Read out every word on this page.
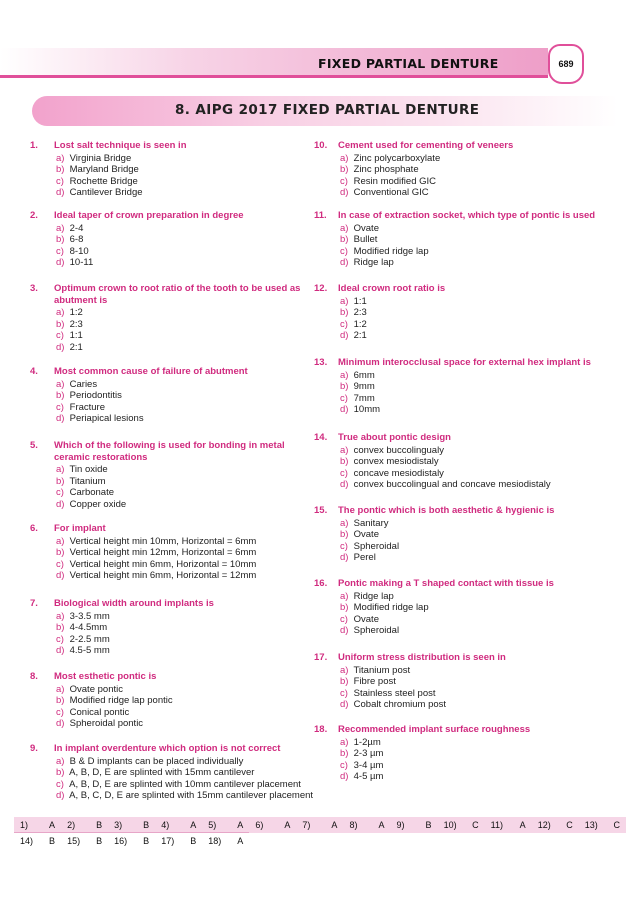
FIXED PARTIAL DENTURE	689
8. AIPG 2017 FIXED PARTIAL DENTURE
1. Lost salt technique is seen in
a) Virginia Bridge
b) Maryland Bridge
c) Rochette Bridge
d) Cantilever Bridge
2. Ideal taper of crown preparation in degree
a) 2-4
b) 6-8
c) 8-10
d) 10-11
3. Optimum crown to root ratio of the tooth to be used as
abutment is
a) 1:2
b) 2:3
c) 1:1
d) 2:1
4. Most common cause of failure of abutment
a) Caries
b) Periodontitis
c) Fracture
d) Periapical lesions
5. Which of the following is used for bonding in metal
ceramic restorations
a) Tin oxide
b) Titanium
c) Carbonate
d) Copper oxide
6. For implant
a) Vertical height min 10mm, Horizontal = 6mm
b) Vertical height min 12mm, Horizontal = 6mm
c) Vertical height min 6mm, Horizontal = 10mm
d) Vertical height min 6mm, Horizontal = 12mm
7. Biological width around implants is
a) 3-3.5 mm
b) 4-4.5mm
c) 2-2.5 mm
d) 4.5-5 mm
8. Most esthetic pontic is
a) Ovate pontic
b) Modified ridge lap pontic
c) Conical pontic
d) Spheroidal pontic
9. In implant overdenture which option is not correct
a) B & D implants can be placed individually
b) A, B, D, E are splinted with 15mm cantilever
c) A, B, D, E are splinted with 10mm cantilever placement
d) A, B, C, D, E are splinted with 15mm cantilever placement
10. Cement used for cementing of veneers
a) Zinc polycarboxylate
b) Zinc phosphate
c) Resin modified GIC
d) Conventional GIC
11. In case of extraction socket, which type of pontic is used
a) Ovate
b) Bullet
c) Modified ridge lap
d) Ridge lap
12. Ideal crown root ratio is
a) 1:1
b) 2:3
c) 1:2
d) 2:1
13. Minimum interocclusal space for external hex implant is
a) 6mm
b) 9mm
c) 7mm
d) 10mm
14. True about pontic design
a) convex buccolingualy
b) convex mesiodistaly
c) concave mesiodistaly
d) convex buccolingual and concave mesiodistaly
15. The pontic which is both aesthetic & hygienic is
a) Sanitary
b) Ovate
c) Spheroidal
d) Perel
16. Pontic making a T shaped contact with tissue is
a) Ridge lap
b) Modified ridge lap
c) Ovate
d) Spheroidal
17. Uniform stress distribution is seen in
a) Titanium post
b) Fibre post
c) Stainless steel post
d) Cobalt chromium post
18. Recommended implant surface roughness
a) 1-2µm
b) 2-3 µm
c) 3-4 µm
d) 4-5 µm
1) A	2) B	3) B	4) A	5) A	6) A	7) A	8) A	9) B	10) C	11) A	12) C	13) C

14) B	15) B	16) B	17) B	18) A								
